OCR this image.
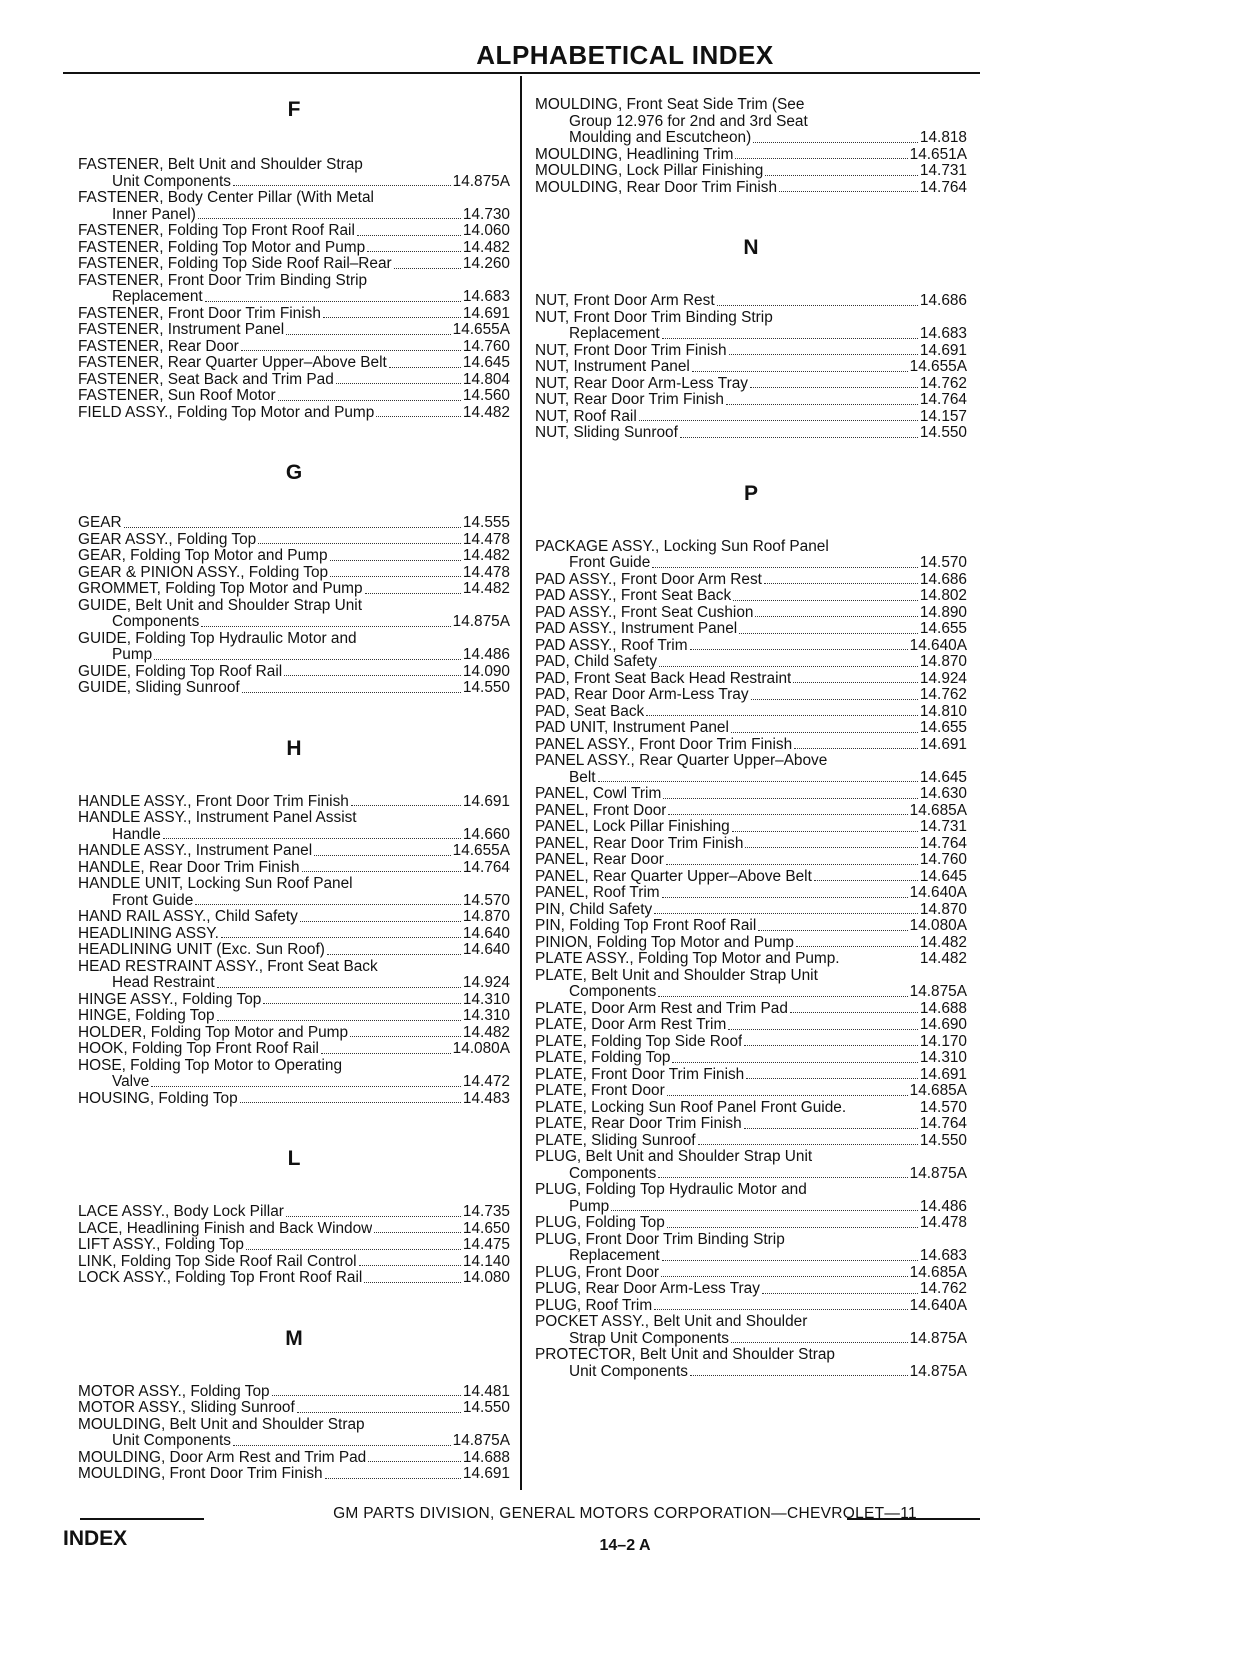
ALPHABETICAL INDEX
F
FASTENER, Belt Unit and Shoulder Strap
Unit Components	14.875A
FASTENER, Body Center Pillar (With Metal
Inner Panel)	14.730
FASTENER, Folding Top Front Roof Rail	14.060
FASTENER, Folding Top Motor and Pump	14.482
FASTENER, Folding Top Side Roof Rail–Rear	14.260
FASTENER, Front Door Trim Binding Strip
Replacement	14.683
FASTENER, Front Door Trim Finish	14.691
FASTENER, Instrument Panel	14.655A
FASTENER, Rear Door	14.760
FASTENER, Rear Quarter Upper–Above Belt	14.645
FASTENER, Seat Back and Trim Pad	14.804
FASTENER, Sun Roof Motor	14.560
FIELD ASSY., Folding Top Motor and Pump	14.482
G
GEAR	14.555
GEAR ASSY., Folding Top	14.478
GEAR, Folding Top Motor and Pump	14.482
GEAR & PINION ASSY., Folding Top	14.478
GROMMET, Folding Top Motor and Pump	14.482
GUIDE, Belt Unit and Shoulder Strap Unit
Components	14.875A
GUIDE, Folding Top Hydraulic Motor and
Pump	14.486
GUIDE, Folding Top Roof Rail	14.090
GUIDE, Sliding Sunroof	14.550
H
HANDLE ASSY., Front Door Trim Finish	14.691
HANDLE ASSY., Instrument Panel Assist
Handle	14.660
HANDLE ASSY., Instrument Panel	14.655A
HANDLE, Rear Door Trim Finish	14.764
HANDLE UNIT, Locking Sun Roof Panel
Front Guide	14.570
HAND RAIL ASSY., Child Safety	14.870
HEADLINING ASSY.	14.640
HEADLINING UNIT (Exc. Sun Roof)	14.640
HEAD RESTRAINT ASSY., Front Seat Back
Head Restraint	14.924
HINGE ASSY., Folding Top	14.310
HINGE, Folding Top	14.310
HOLDER, Folding Top Motor and Pump	14.482
HOOK, Folding Top Front Roof Rail	14.080A
HOSE, Folding Top Motor to Operating
Valve	14.472
HOUSING, Folding Top	14.483
L
LACE ASSY., Body Lock Pillar	14.735
LACE, Headlining Finish and Back Window	14.650
LIFT ASSY., Folding Top	14.475
LINK, Folding Top Side Roof Rail Control	14.140
LOCK ASSY., Folding Top Front Roof Rail	14.080
M
MOTOR ASSY., Folding Top	14.481
MOTOR ASSY., Sliding Sunroof	14.550
MOULDING, Belt Unit and Shoulder Strap
Unit Components	14.875A
MOULDING, Door Arm Rest and Trim Pad	14.688
MOULDING, Front Door Trim Finish	14.691
MOULDING, Front Seat Side Trim (See
Group 12.976 for 2nd and 3rd Seat
Moulding and Escutcheon)	14.818
MOULDING, Headlining Trim	14.651A
MOULDING, Lock Pillar Finishing	14.731
MOULDING, Rear Door Trim Finish	14.764
N
NUT, Front Door Arm Rest	14.686
NUT, Front Door Trim Binding Strip
Replacement	14.683
NUT, Front Door Trim Finish	14.691
NUT, Instrument Panel	14.655A
NUT, Rear Door Arm-Less Tray	14.762
NUT, Rear Door Trim Finish	14.764
NUT, Roof Rail	14.157
NUT, Sliding Sunroof	14.550
P
PACKAGE ASSY., Locking Sun Roof Panel
Front Guide	14.570
PAD ASSY., Front Door Arm Rest	14.686
PAD ASSY., Front Seat Back	14.802
PAD ASSY., Front Seat Cushion	14.890
PAD ASSY., Instrument Panel	14.655
PAD ASSY., Roof Trim	14.640A
PAD, Child Safety	14.870
PAD, Front Seat Back Head Restraint	14.924
PAD, Rear Door Arm-Less Tray	14.762
PAD, Seat Back	14.810
PAD UNIT, Instrument Panel	14.655
PANEL ASSY., Front Door Trim Finish	14.691
PANEL ASSY., Rear Quarter Upper–Above
Belt	14.645
PANEL, Cowl Trim	14.630
PANEL, Front Door	14.685A
PANEL, Lock Pillar Finishing	14.731
PANEL, Rear Door Trim Finish	14.764
PANEL, Rear Door	14.760
PANEL, Rear Quarter Upper–Above Belt	14.645
PANEL, Roof Trim	14.640A
PIN, Child Safety	14.870
PIN, Folding Top Front Roof Rail	14.080A
PINION, Folding Top Motor and Pump	14.482
PLATE ASSY., Folding Top Motor and Pump.	14.482
PLATE, Belt Unit and Shoulder Strap Unit
Components	14.875A
PLATE, Door Arm Rest and Trim Pad	14.688
PLATE, Door Arm Rest Trim	14.690
PLATE, Folding Top Side Roof	14.170
PLATE, Folding Top	14.310
PLATE, Front Door Trim Finish	14.691
PLATE, Front Door	14.685A
PLATE, Locking Sun Roof Panel Front Guide.	14.570
PLATE, Rear Door Trim Finish	14.764
PLATE, Sliding Sunroof	14.550
PLUG, Belt Unit and Shoulder Strap Unit
Components	14.875A
PLUG, Folding Top Hydraulic Motor and
Pump	14.486
PLUG, Folding Top	14.478
PLUG, Front Door Trim Binding Strip
Replacement	14.683
PLUG, Front Door	14.685A
PLUG, Rear Door Arm-Less Tray	14.762
PLUG, Roof Trim	14.640A
POCKET ASSY., Belt Unit and Shoulder
Strap Unit Components	14.875A
PROTECTOR, Belt Unit and Shoulder Strap
Unit Components	14.875A
GM PARTS DIVISION, GENERAL MOTORS CORPORATION—CHEVROLET—11
INDEX	14–2 A
